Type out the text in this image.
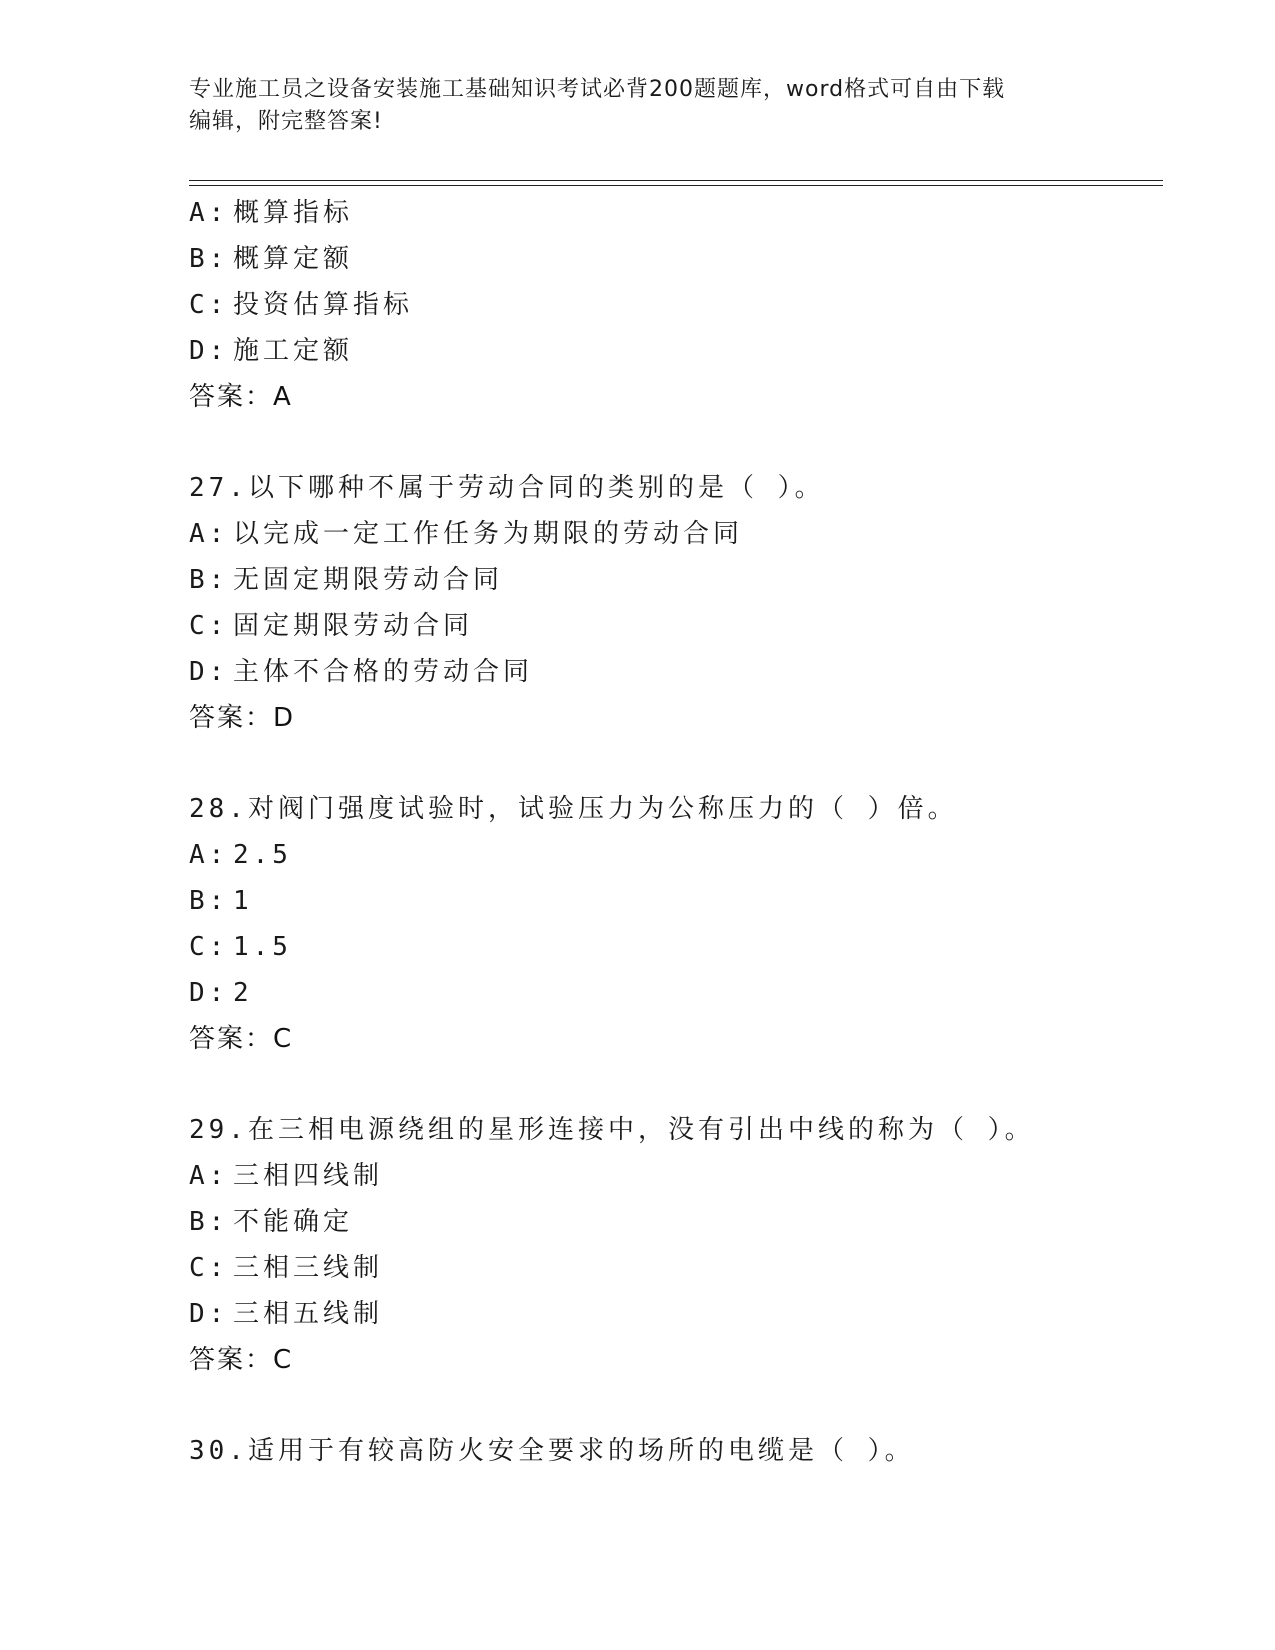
专业施工员之设备安装施工基础知识考试必背200题题库，word格式可自由下载
编辑，附完整答案!
A: 概算指标
B: 概算定额
C: 投资估算指标
D: 施工定额
答案：A
27.以下哪种不属于劳动合同的类别的是（ ）。
A: 以完成一定工作任务为期限的劳动合同
B: 无固定期限劳动合同
C: 固定期限劳动合同
D: 主体不合格的劳动合同
答案：D
28.对阀门强度试验时，试验压力为公称压力的（ ）倍。
A: 2.5
B: 1
C: 1.5
D: 2
答案：C
29.在三相电源绕组的星形连接中，没有引出中线的称为（ ）。
A: 三相四线制
B: 不能确定
C: 三相三线制
D: 三相五线制
答案：C
30.适用于有较高防火安全要求的场所的电缆是（ ）。
